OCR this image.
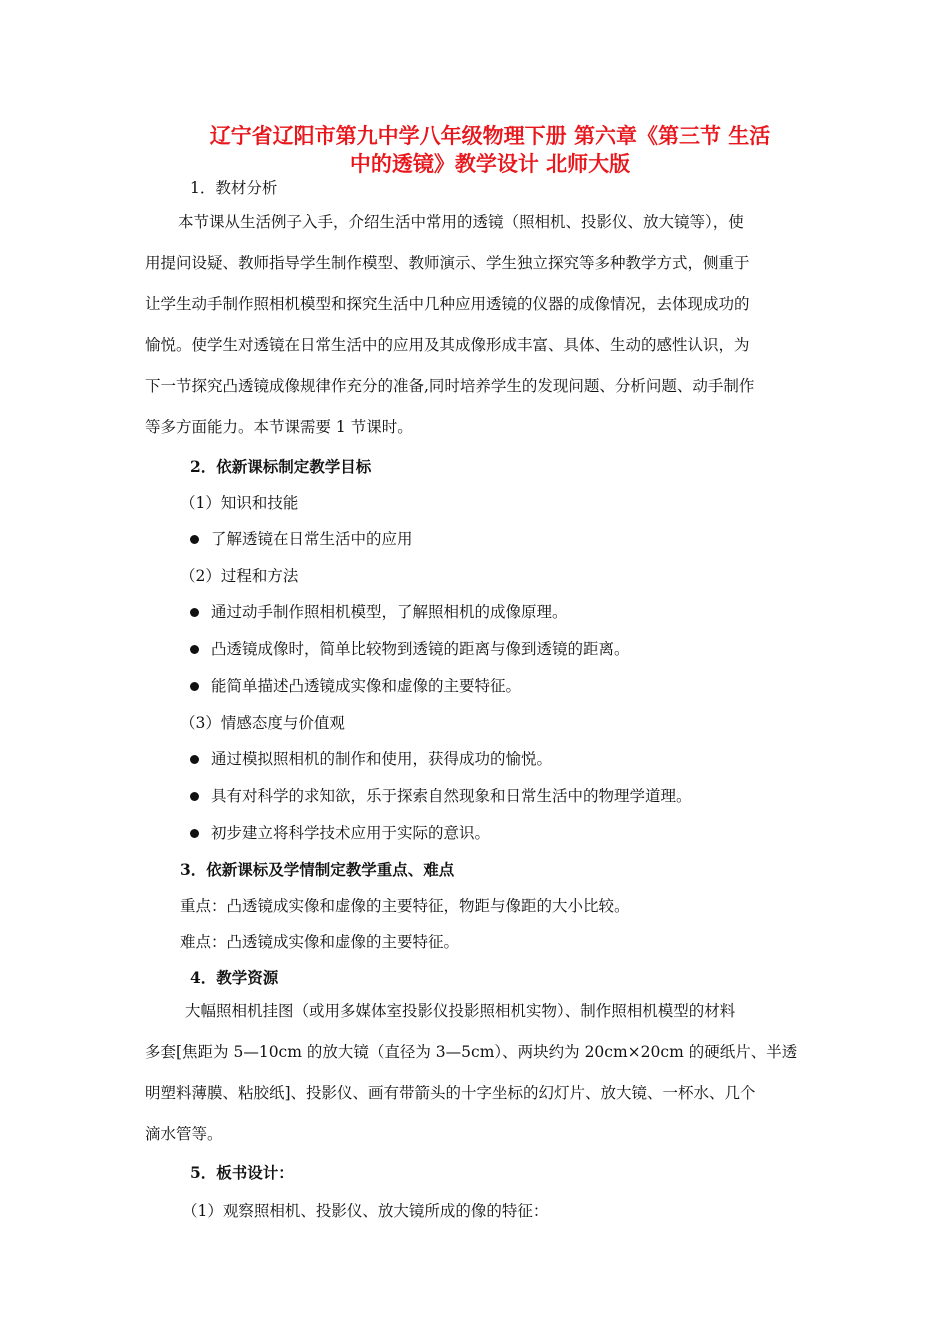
辽宁省辽阳市第九中学八年级物理下册 第六章《第三节 生活
中的透镜》教学设计 北师大版
1．教材分析
本节课从生活例子入手，介绍生活中常用的透镜（照相机、投影仪、放大镜等），使
用提问设疑、教师指导学生制作模型、教师演示、学生独立探究等多种教学方式，侧重于
让学生动手制作照相机模型和探究生活中几种应用透镜的仪器的成像情况，去体现成功的
愉悦。使学生对透镜在日常生活中的应用及其成像形成丰富、具体、生动的感性认识，为
下一节探究凸透镜成像规律作充分的准备,同时培养学生的发现问题、分析问题、动手制作
等多方面能力。本节课需要 1 节课时。
2．依新课标制定教学目标
（1）知识和技能
了解透镜在日常生活中的应用
（2）过程和方法
通过动手制作照相机模型，了解照相机的成像原理。
凸透镜成像时，简单比较物到透镜的距离与像到透镜的距离。
能简单描述凸透镜成实像和虚像的主要特征。
（3）情感态度与价值观
通过模拟照相机的制作和使用，获得成功的愉悦。
具有对科学的求知欲，乐于探索自然现象和日常生活中的物理学道理。
初步建立将科学技术应用于实际的意识。
3．依新课标及学情制定教学重点、难点
重点：凸透镜成实像和虚像的主要特征，物距与像距的大小比较。
难点：凸透镜成实像和虚像的主要特征。
4．教学资源
大幅照相机挂图（或用多媒体室投影仪投影照相机实物）、制作照相机模型的材料
多套[焦距为 5—10cm 的放大镜（直径为 3—5cm）、两块约为 20cm×20cm 的硬纸片、半透
明塑料薄膜、粘胶纸]、投影仪、画有带箭头的十字坐标的幻灯片、放大镜、一杯水、几个
滴水管等。
5．板书设计：
（1）观察照相机、投影仪、放大镜所成的像的特征：
